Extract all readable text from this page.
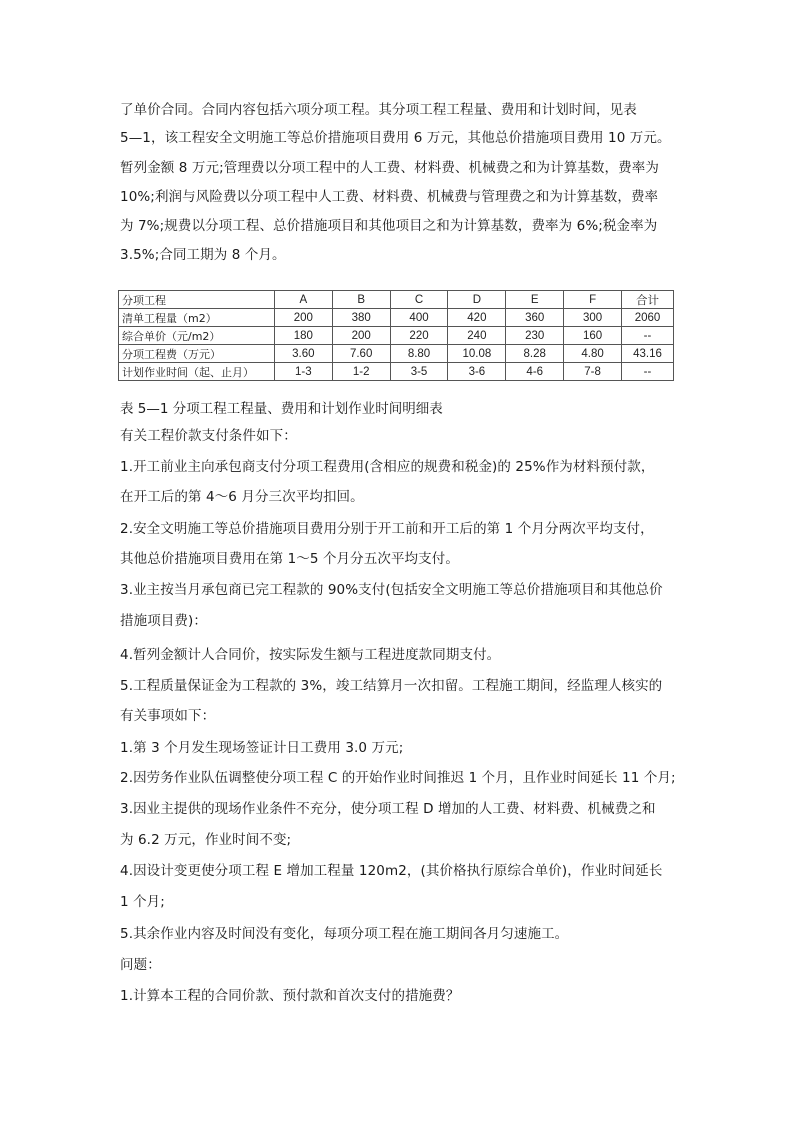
了单价合同。合同内容包括六项分项工程。其分项工程工程量、费用和计划时间，见表
5—1，该工程安全文明施工等总价措施项目费用 6 万元，其他总价措施项目费用 10 万元。
暂列金额 8 万元;管理费以分项工程中的人工费、材料费、机械费之和为计算基数，费率为
10%;利润与风险费以分项工程中人工费、材料费、机械费与管理费之和为计算基数，费率
为 7%;规费以分项工程、总价措施项目和其他项目之和为计算基数，费率为 6%;税金率为
3.5%;合同工期为 8 个月。
分项工程	A	B	C	D	E	F	合计
清单工程量（m2）	200	380	400	420	360	300	2060
综合单价（元/m2）	180	200	220	240	230	160	--
分项工程费（万元）	3.60	7.60	8.80	10.08	8.28	4.80	43.16
计划作业时间（起、止月）	1-3	1-2	3-5	3-6	4-6	7-8	--
表 5—1 分项工程工程量、费用和计划作业时间明细表
有关工程价款支付条件如下：
1.开工前业主向承包商支付分项工程费用(含相应的规费和税金)的 25%作为材料预付款，
在开工后的第 4～6 月分三次平均扣回。
2.安全文明施工等总价措施项目费用分别于开工前和开工后的第 1 个月分两次平均支付，
其他总价措施项目费用在第 1～5 个月分五次平均支付。
3.业主按当月承包商已完工程款的 90%支付(包括安全文明施工等总价措施项目和其他总价
措施项目费)：
4.暂列金额计人合同价，按实际发生额与工程进度款同期支付。
5.工程质量保证金为工程款的 3%，竣工结算月一次扣留。工程施工期间，经监理人核实的
有关事项如下：
1.第 3 个月发生现场签证计日工费用 3.0 万元;
2.因劳务作业队伍调整使分项工程 C 的开始作业时间推迟 1 个月，且作业时间延长 11 个月;
3.因业主提供的现场作业条件不充分，使分项工程 D 增加的人工费、材料费、机械费之和
为 6.2 万元，作业时间不变;
4.因设计变更使分项工程 E 增加工程量 120m2，(其价格执行原综合单价)，作业时间延长
1 个月;
5.其余作业内容及时间没有变化，每项分项工程在施工期间各月匀速施工。
问题：
1.计算本工程的合同价款、预付款和首次支付的措施费？
